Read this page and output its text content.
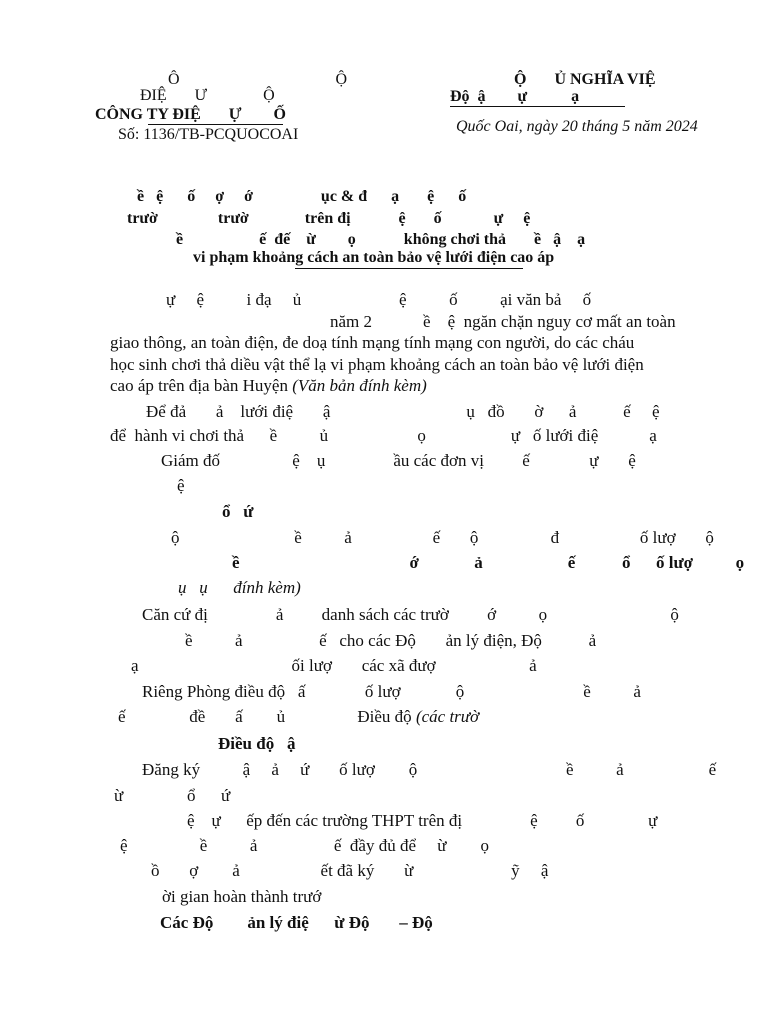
Ô                                       Ộ
ĐIỆ       Ư              Ộ
CÔNG TY ĐIỆ       Ự        Ố
Số: 1136/TB-PCQUOCOAI
Ộ       Ủ NGHĨA VIỆ
Độ  ậ        ự           ạ
Quốc Oai, ngày 20 tháng 5 năm 2024
ề   ệ      ố     ợ     ớ                 ục & đ      ạ       ệ      ố
trườ               trườ              trên đị            ệ       ố             ự     ệ
ề                   ế  đế    ừ        ọ            không chơi thả       ề   ậ    ạ
vi phạm khoảng cách an toàn bảo vệ lưới điện cao áp
ự     ệ          i đạ     ủ                       ệ          ố          ại văn bả     ố
năm 2            ề    ệ  ngăn chặn nguy cơ mất an toàn
giao thông, an toàn điện, đe doạ tính mạng tính mạng con người, do các cháu
học sinh chơi thả diều vật thể lạ vi phạm khoảng cách an toàn bảo vệ lưới điện
cao áp trên địa bàn Huyện (Văn bản đính kèm)
Để đả       ả    lưới điệ       ậ                                ụ   đồ       ờ      ả           ế     ệ
để  hành vi chơi thả      ề          ủ                     ọ                    ự   ố lưới điệ            ạ
Giám đố                 ệ    ụ                ầu các đơn vị         ế              ự       ệ
ệ
ổ   ứ
ộ                           ề          ả                   ế       ộ                 đ                   ố lượ       ộ
ề                                        ớ             ả                    ế           ổ      ố lượ          ọ
ụ   ụ      đính kèm)
Căn cứ đị                ả         danh sách các trườ         ớ          ọ                             ộ
ề          ả                  ế   cho các Độ       ản lý điện, Độ           ả
ạ                                    ối lượ       các xã đượ                      ả
Riêng Phòng điều độ   ấ              ố lượ             ộ                            ề          ả
ế               đề       ấ        ủ                 Điều độ (các trườ
Điều độ   ậ
Đăng ký          ậ     ả     ứ       ố lượ        ộ                                   ề          ả                    ế
ừ               ổ      ứ
ệ    ự      ếp đến các trường THPT trên đị                ệ         ố               ự
ệ                 ề          ả                  ế  đầy đủ để     ừ        ọ
ồ       ợ        ả                   ết đã ký       ừ                       ỹ     ậ
ời gian hoàn thành trướ
Các Độ        ản lý điệ      ừ Độ       – Độ
